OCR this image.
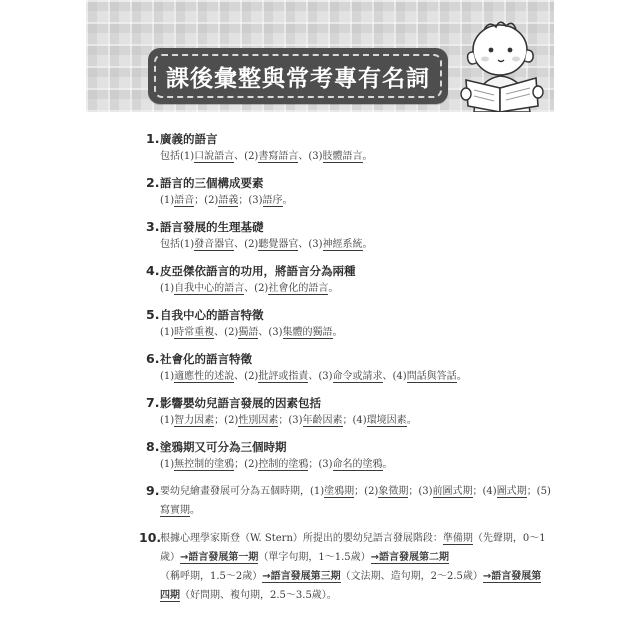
課後彙整與常考專有名詞
1. 廣義的語言
包括(1)口說語言、(2)書寫語言、(3)肢體語言。
2. 語言的三個構成要素
(1)語音；(2)語義；(3)語序。
3. 語言發展的生理基礎
包括(1)發音器官、(2)聽覺器官、(3)神經系統。
4. 皮亞傑依語言的功用，將語言分為兩種
(1)自我中心的語言、(2)社會化的語言。
5. 自我中心的語言特徵
(1)時常重複、(2)獨語、(3)集體的獨語。
6. 社會化的語言特徵
(1)適應性的述說、(2)批評或指責、(3)命令或請求、(4)問話與答話。
7. 影響嬰幼兒語言發展的因素包括
(1)智力因素；(2)性別因素；(3)年齡因素；(4)環境因素。
8. 塗鴉期又可分為三個時期
(1)無控制的塗鴉；(2)控制的塗鴉；(3)命名的塗鴉。
9. 要幼兒繪畫發展可分為五個時期，(1)塗鴉期；(2)象徵期；(3)前圖式期；(4)圖式期；(5)寫實期。
10.
根據心理學家斯登（W. Stern）所提出的嬰幼兒語言發展階段：準備期（先聲期，0～1歲）→語言發展第一期（單字句期，1～1.5歲）→語言發展第二期（稱呼期，1.5～2歲）→語言發展第三期（文法期、造句期，2～2.5歲）→語言發展第四期（好問期、複句期，2.5～3.5歲）。
